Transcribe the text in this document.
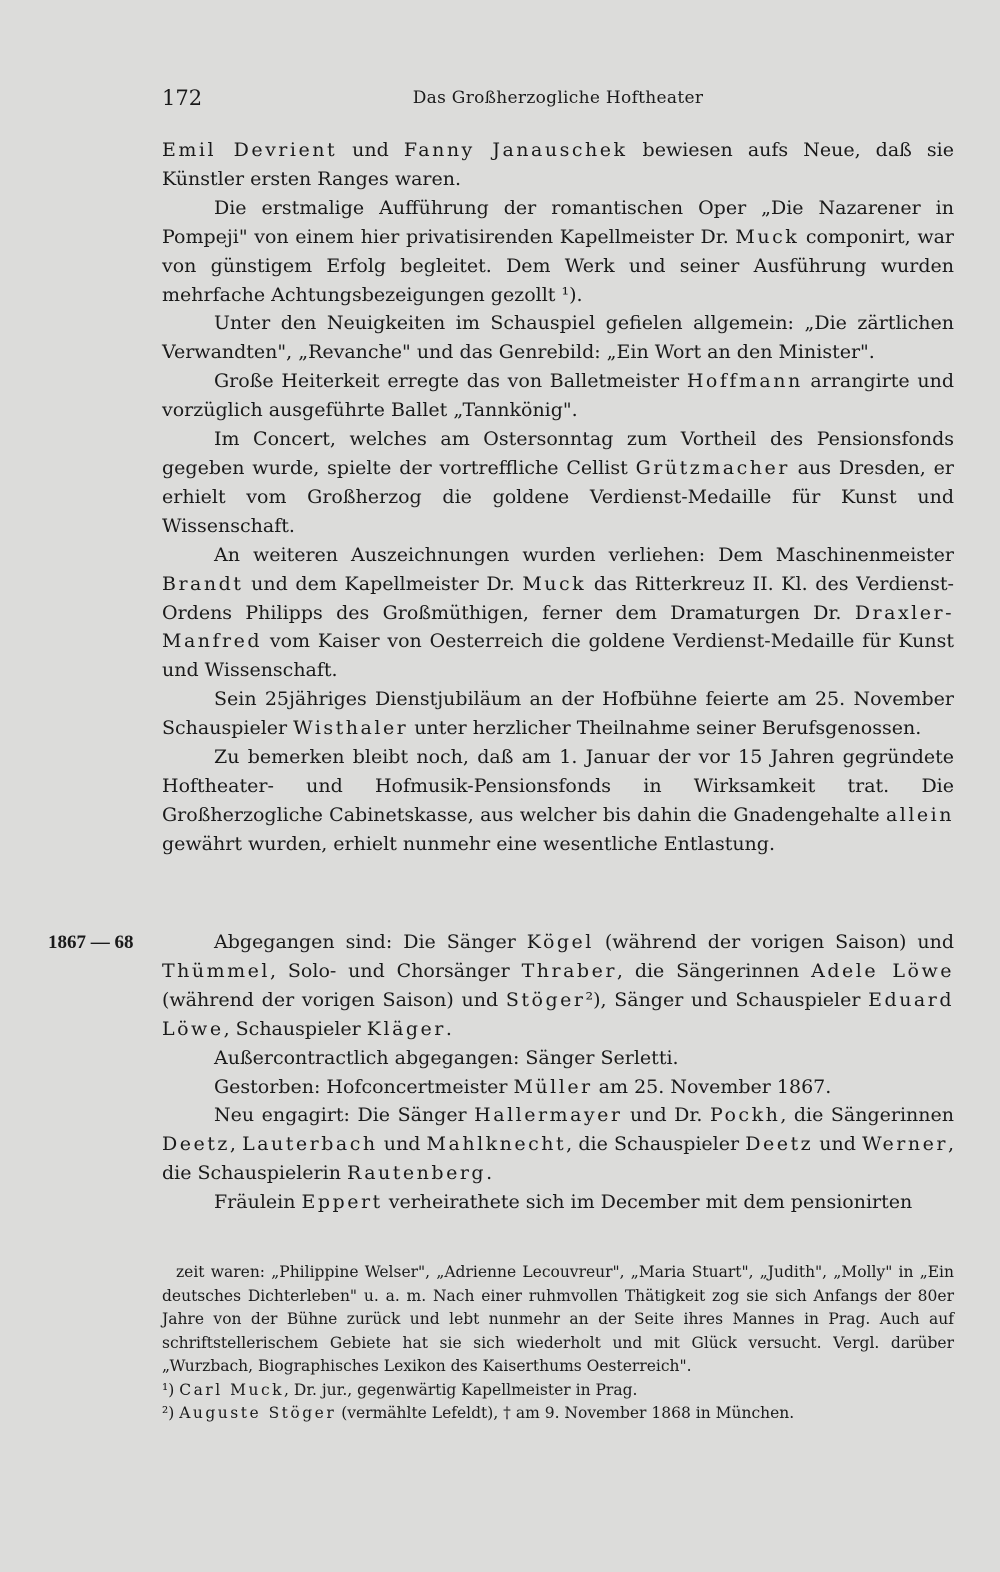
172	Das Großherzogliche Hoftheater

Emil Devrient und Fanny Janauschek bewiesen aufs Neue, daß sie Künstler ersten Ranges waren.

Die erstmalige Aufführung der romantischen Oper „Die Nazarener in Pompeji" von einem hier privatisirenden Kapellmeister Dr. Muck componirt, war von günstigem Erfolg begleitet. Dem Werk und seiner Ausführung wurden mehrfache Achtungsbezeigungen gezollt ¹).

Unter den Neuigkeiten im Schauspiel gefielen allgemein: „Die zärtlichen Verwandten", „Revanche" und das Genrebild: „Ein Wort an den Minister".

Große Heiterkeit erregte das von Balletmeister Hoffmann arrangirte und vorzüglich ausgeführte Ballet „Tannkönig".

Im Concert, welches am Ostersonntag zum Vortheil des Pensionsfonds gegeben wurde, spielte der vortreffliche Cellist Grützmacher aus Dresden, er erhielt vom Großherzog die goldene Verdienst-Medaille für Kunst und Wissenschaft.

An weiteren Auszeichnungen wurden verliehen: Dem Maschinenmeister Brandt und dem Kapellmeister Dr. Muck das Ritterkreuz II. Kl. des Verdienst-Ordens Philipps des Großmüthigen, ferner dem Dramaturgen Dr. Draxler-Manfred vom Kaiser von Oesterreich die goldene Verdienst-Medaille für Kunst und Wissenschaft.

Sein 25jähriges Dienstjubiläum an der Hofbühne feierte am 25. November Schauspieler Wisthaler unter herzlicher Theilnahme seiner Berufsgenossen.

Zu bemerken bleibt noch, daß am 1. Januar der vor 15 Jahren gegründete Hoftheater- und Hofmusik-Pensionsfonds in Wirksamkeit trat. Die Großherzogliche Cabinetskasse, aus welcher bis dahin die Gnadengehalte allein gewährt wurden, erhielt nunmehr eine wesentliche Entlastung.

1867 — 68	Abgegangen sind: Die Sänger Kögel (während der vorigen Saison) und Thümmel, Solo- und Chorsänger Thraber, die Sängerinnen Adele Löwe (während der vorigen Saison) und Stöger²), Sänger und Schauspieler Eduard Löwe, Schauspieler Kläger.

Außercontractlich abgegangen: Sänger Serletti.

Gestorben: Hofconcertmeister Müller am 25. November 1867.

Neu engagirt: Die Sänger Hallermayer und Dr. Pockh, die Sängerinnen Deetz, Lauterbach und Mahlknecht, die Schauspieler Deetz und Werner, die Schauspielerin Rautenberg.

Fräulein Eppert verheirathete sich im December mit dem pensionirten

zeit waren: „Philippine Welser", „Adrienne Lecouvreur", „Maria Stuart", „Judith", „Molly" in „Ein deutsches Dichterleben" u. a. m. Nach einer ruhmvollen Thätigkeit zog sie sich Anfangs der 80er Jahre von der Bühne zurück und lebt nunmehr an der Seite ihres Mannes in Prag. Auch auf schriftstellerischem Gebiete hat sie sich wiederholt und mit Glück versucht. Vergl. darüber „Wurzbach, Biographisches Lexikon des Kaiserthums Oesterreich".

¹) Carl Muck, Dr. jur., gegenwärtig Kapellmeister in Prag.

²) Auguste Stöger (vermählte Lefeldt), † am 9. November 1868 in München.
